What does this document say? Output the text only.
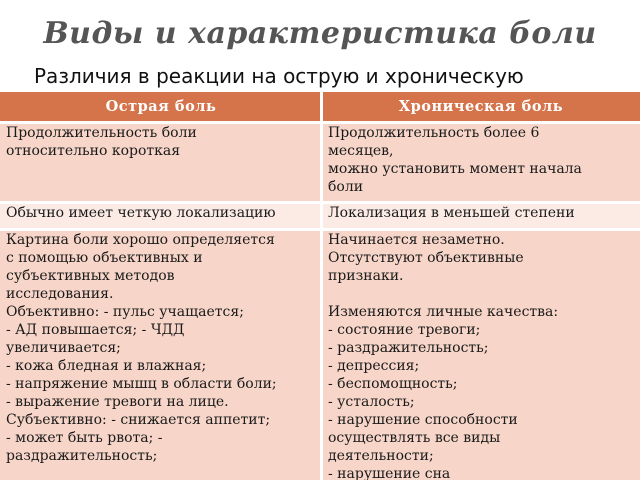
Виды и характеристика боли
Различия в реакции на острую и хроническую
Острая боль	Хроническая боль
Продолжительность боли
относительно короткая
Продолжительность более 6
месяцев,
можно установить момент начала
боли
Обычно имеет четкую локализацию	Локализация в меньшей степени
Картина боли хорошо определяется
с помощью объективных и
субъективных методов
исследования.
Объективно: - пульс учащается;
- АД повышается; - ЧДД
увеличивается;
- кожа бледная и влажная;
- напряжение мышц в области боли;
- выражение тревоги на лице.
Субъективно: - снижается аппетит;
- может быть рвота; -
раздражительность;
Начинается незаметно.
Отсутствуют объективные
признаки.

Изменяются личные качества:
- состояние тревоги;
- раздражительность;
- депрессия;
- беспомощность;
- усталость;
- нарушение способности
осуществлять все виды
деятельности;
- нарушение сна
